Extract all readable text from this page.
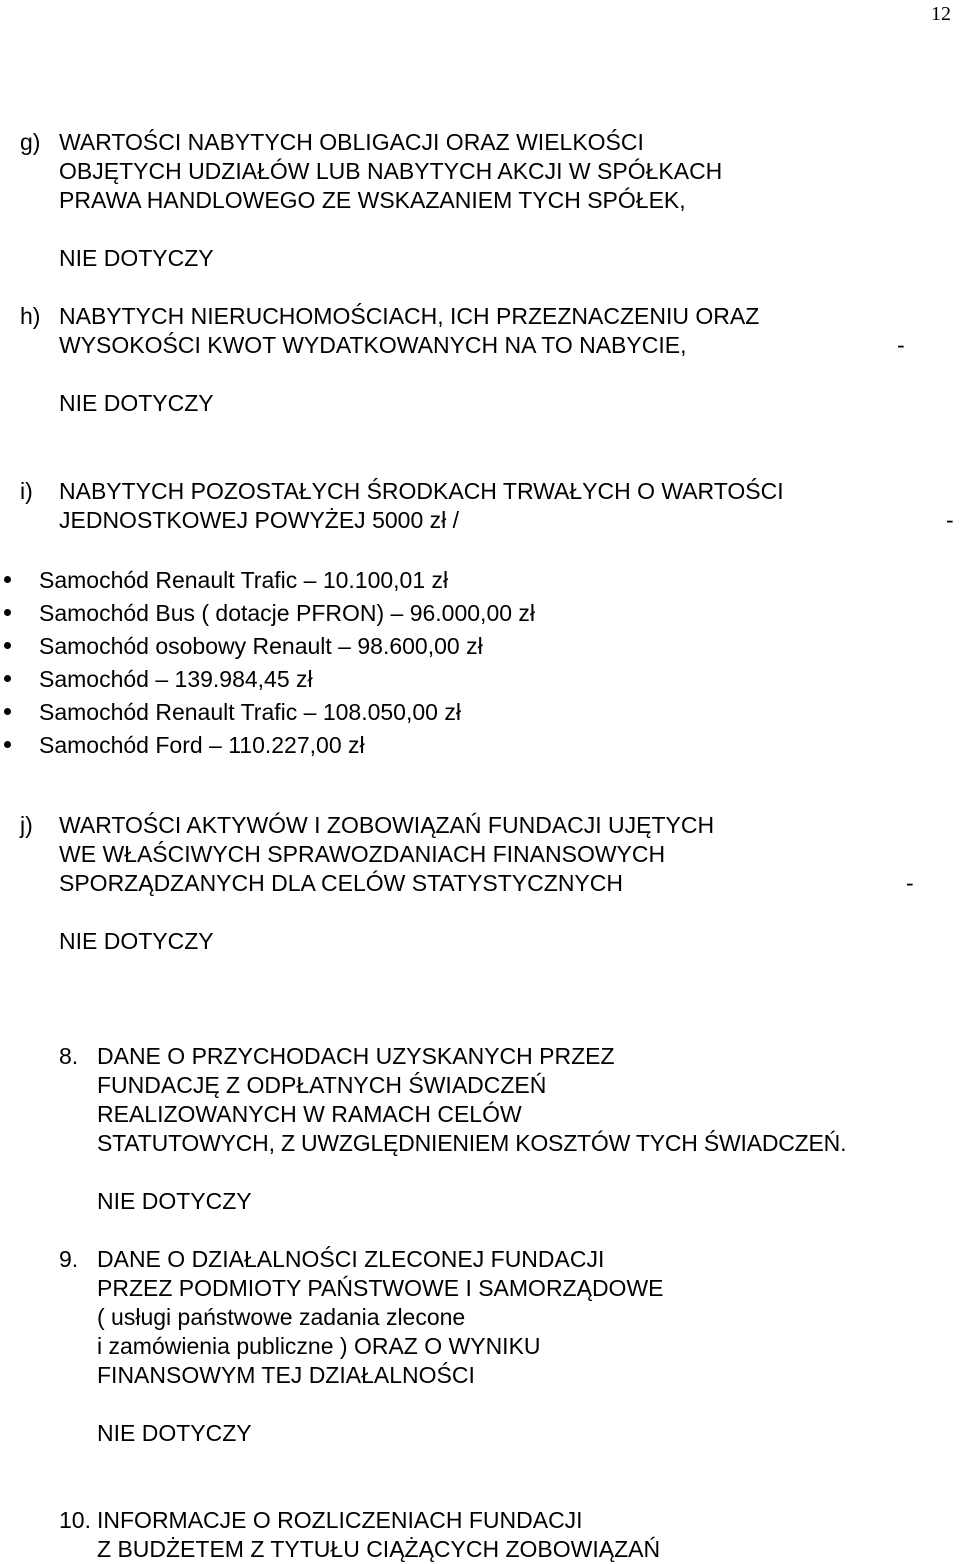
12
g) WARTOŚCI NABYTYCH OBLIGACJI ORAZ WIELKOŚCI
OBJĘTYCH UDZIAŁÓW LUB NABYTYCH AKCJI W SPÓŁKACH
PRAWA HANDLOWEGO ZE WSKAZANIEM TYCH SPÓŁEK,
NIE DOTYCZY
h) NABYTYCH NIERUCHOMOŚCIACH, ICH PRZEZNACZENIU ORAZ
WYSOKOŚCI KWOT WYDATKOWANYCH NA TO NABYCIE,	-
NIE DOTYCZY
i) NABYTYCH POZOSTAŁYCH ŚRODKACH TRWAŁYCH O WARTOŚCI
JEDNOSTKOWEJ POWYŻEJ 5000 zł /	-
Samochód Renault Trafic – 10.100,01 zł
Samochód Bus ( dotacje PFRON) – 96.000,00 zł
Samochód osobowy Renault – 98.600,00 zł
Samochód – 139.984,45 zł
Samochód Renault Trafic – 108.050,00 zł
Samochód Ford – 110.227,00 zł
j) WARTOŚCI AKTYWÓW I ZOBOWIĄZAŃ FUNDACJI UJĘTYCH
WE WŁAŚCIWYCH SPRAWOZDANIACH FINANSOWYCH
SPORZĄDZANYCH DLA CELÓW STATYSTYCZNYCH	-
NIE DOTYCZY
8. DANE O PRZYCHODACH UZYSKANYCH PRZEZ
FUNDACJĘ Z ODPŁATNYCH ŚWIADCZEŃ
REALIZOWANYCH W RAMACH CELÓW
STATUTOWYCH, Z UWZGLĘDNIENIEM KOSZTÓW TYCH ŚWIADCZEŃ.
NIE DOTYCZY
9. DANE O DZIAŁALNOŚCI ZLECONEJ FUNDACJI
PRZEZ PODMIOTY PAŃSTWOWE I SAMORZĄDOWE
( usługi państwowe zadania zlecone
i zamówienia publiczne ) ORAZ O WYNIKU
FINANSOWYM TEJ DZIAŁALNOŚCI
NIE DOTYCZY
10. INFORMACJE O ROZLICZENIACH FUNDACJI
Z BUDŻETEM Z TYTUŁU CIĄŻĄCYCH ZOBOWIĄZAŃ
